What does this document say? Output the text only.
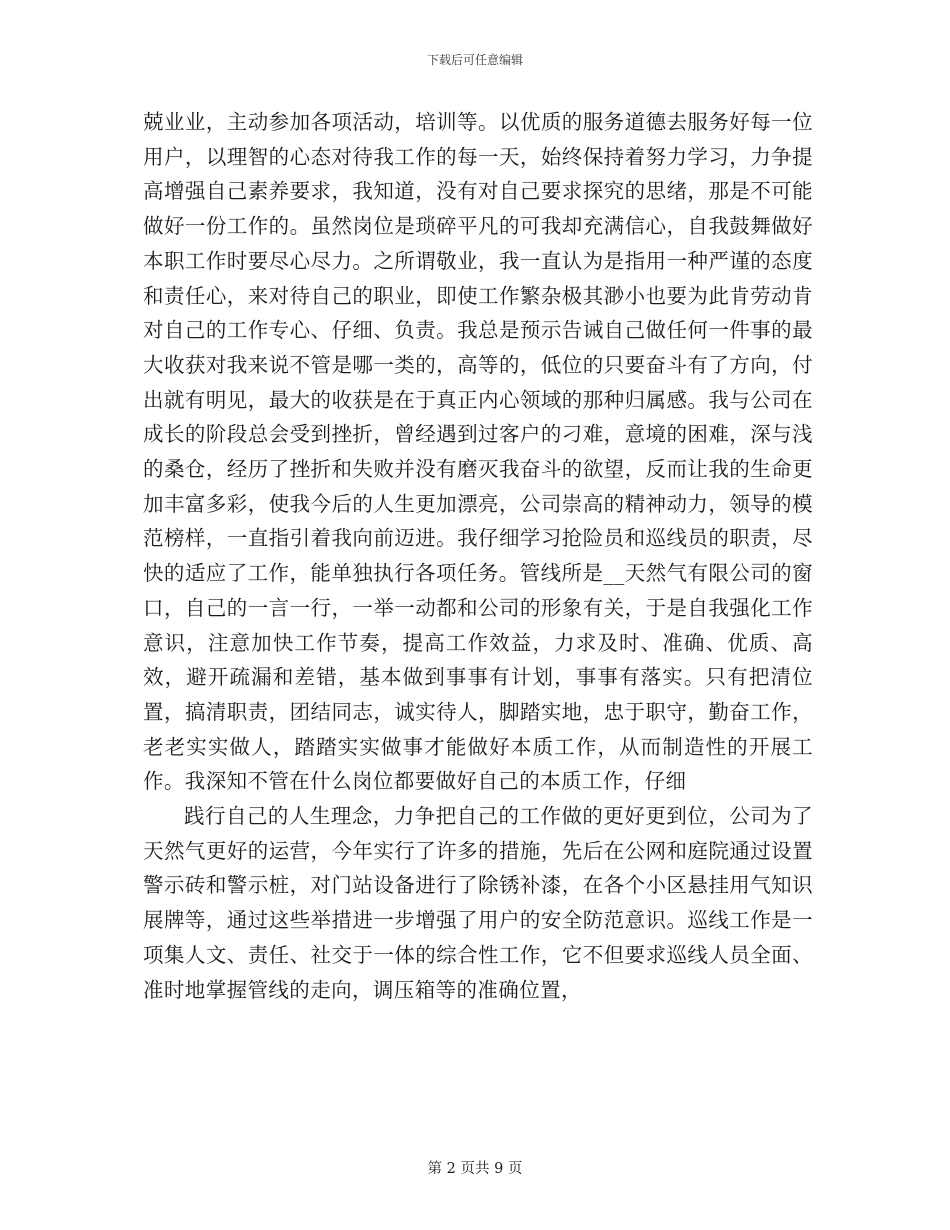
下载后可任意编辑

兢业业，主动参加各项活动，培训等。以优质的服务道德去服务好每一位用户，以理智的心态对待我工作的每一天，始终保持着努力学习，力争提高增强自己素养要求，我知道，没有对自己要求探究的思绪，那是不可能做好一份工作的。虽然岗位是琐碎平凡的可我却充满信心，自我鼓舞做好本职工作时要尽心尽力。之所谓敬业，我一直认为是指用一种严谨的态度和责任心，来对待自己的职业，即使工作繁杂极其渺小也要为此肯劳动肯对自己的工作专心、仔细、负责。我总是预示告诫自己做任何一件事的最大收获对我来说不管是哪一类的，高等的，低位的只要奋斗有了方向，付出就有明见，最大的收获是在于真正内心领域的那种归属感。我与公司在成长的阶段总会受到挫折，曾经遇到过客户的刁难，意境的困难，深与浅的桑仓，经历了挫折和失败并没有磨灭我奋斗的欲望，反而让我的生命更加丰富多彩，使我今后的人生更加漂亮，公司崇高的精神动力，领导的模范榜样，一直指引着我向前迈进。我仔细学习抢险员和巡线员的职责，尽快的适应了工作，能单独执行各项任务。管线所是__天然气有限公司的窗口，自己的一言一行，一举一动都和公司的形象有关，于是自我强化工作意识，注意加快工作节奏，提高工作效益，力求及时、准确、优质、高效，避开疏漏和差错，基本做到事事有计划，事事有落实。只有把清位置，搞清职责，团结同志，诚实待人，脚踏实地，忠于职守，勤奋工作，老老实实做人，踏踏实实做事才能做好本质工作，从而制造性的开展工作。我深知不管在什么岗位都要做好自己的本质工作，仔细

践行自己的人生理念，力争把自己的工作做的更好更到位，公司为了天然气更好的运营，今年实行了许多的措施，先后在公网和庭院通过设置警示砖和警示桩，对门站设备进行了除锈补漆，在各个小区悬挂用气知识展牌等，通过这些举措进一步增强了用户的安全防范意识。巡线工作是一项集人文、责任、社交于一体的综合性工作，它不但要求巡线人员全面、准时地掌握管线的走向，调压箱等的准确位置，

第 2 页共 9 页
